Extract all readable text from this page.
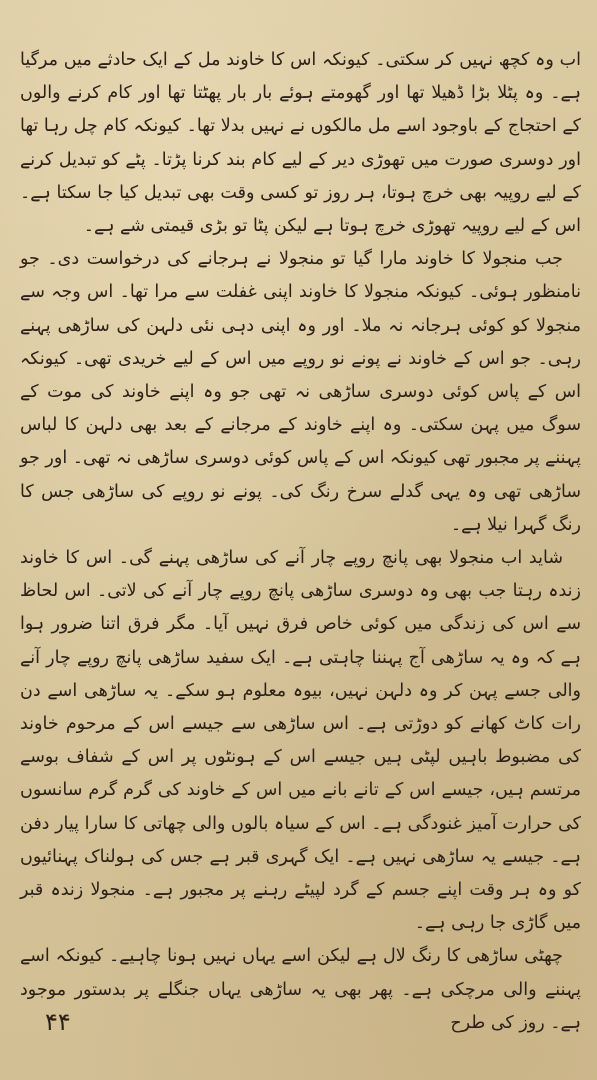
اب وہ کچھ نہیں کر سکتی۔ کیونکہ اس کا خاوند مل کے ایک حادثے میں مرگیا ہے۔ وہ پٹلا بڑا ڈھیلا تھا اور گھومتے ہوئے بار بار پھٹتا تھا اور کام کرنے والوں کے احتجاج کے باوجود اسے مل مالکوں نے نہیں بدلا تھا۔ کیونکہ کام چل رہا تھا اور دوسری صورت میں تھوڑی دیر کے لیے کام بند کرنا پڑتا۔ پٹے کو تبدیل کرنے کے لیے روپیہ بھی خرچ ہوتا، ہر روز تو کسی وقت بھی تبدیل کیا جا سکتا ہے۔ اس کے لیے روپیہ تھوڑی خرچ ہوتا ہے لیکن پٹا تو بڑی قیمتی شے ہے۔

جب منجولا کا خاوند مارا گیا تو منجولا نے ہرجانے کی درخواست دی۔ جو نامنظور ہوئی۔ کیونکہ منجولا کا خاوند اپنی غفلت سے مرا تھا۔ اس وجہ سے منجولا کو کوئی ہرجانہ نہ ملا۔ اور وہ اپنی دہی نئی دلہن کی ساڑھی پہنے رہی۔ جو اس کے خاوند نے پونے نو روپے میں اس کے لیے خریدی تھی۔ کیونکہ اس کے پاس کوئی دوسری ساڑھی نہ تھی جو وہ اپنے خاوند کی موت کے سوگ میں پہن سکتی۔ وہ اپنے خاوند کے مرجانے کے بعد بھی دلہن کا لباس پہننے پر مجبور تھی کیونکہ اس کے پاس کوئی دوسری ساڑھی نہ تھی۔ اور جو ساڑھی تھی وہ یہی گدلے سرخ رنگ کی۔ پونے نو روپے کی ساڑھی جس کا رنگ گہرا نیلا ہے۔

شاید اب منجولا بھی پانچ روپے چار آنے کی ساڑھی پہنے گی۔ اس کا خاوند زندہ رہتا جب بھی وہ دوسری ساڑھی پانچ روپے چار آنے کی لاتی۔ اس لحاظ سے اس کی زندگی میں کوئی خاص فرق نہیں آیا۔ مگر فرق اتنا ضرور ہوا ہے کہ وہ یہ ساڑھی آج پہننا چاہتی ہے۔ ایک سفید ساڑھی پانچ روپے چار آنے والی جسے پہن کر وہ دلہن نہیں، بیوہ معلوم ہو سکے۔ یہ ساڑھی اسے دن رات کاٹ کھانے کو دوڑتی ہے۔ اس ساڑھی سے جیسے اس کے مرحوم خاوند کی مضبوط باہیں لپٹی ہیں جیسے اس کے ہونٹوں پر اس کے شفاف بوسے مرتسم ہیں، جیسے اس کے تانے بانے میں اس کے خاوند کی گرم گرم سانسوں کی حرارت آمیز غنودگی ہے۔ اس کے سیاہ بالوں والی چھاتی کا سارا پیار دفن ہے۔ جیسے یہ ساڑھی نہیں ہے۔ ایک گہری قبر ہے جس کی ہولناک پہنائیوں کو وہ ہر وقت اپنے جسم کے گرد لپیٹے رہنے پر مجبور ہے۔ منجولا زندہ قبر میں گاڑی جا رہی ہے۔

چھٹی ساڑھی کا رنگ لال ہے لیکن اسے یہاں نہیں ہونا چاہیے۔ کیونکہ اسے پہننے والی مرچکی ہے۔ پھر بھی یہ ساڑھی یہاں جنگلے پر بدستور موجود ہے۔ روز کی طرح

۴۴
